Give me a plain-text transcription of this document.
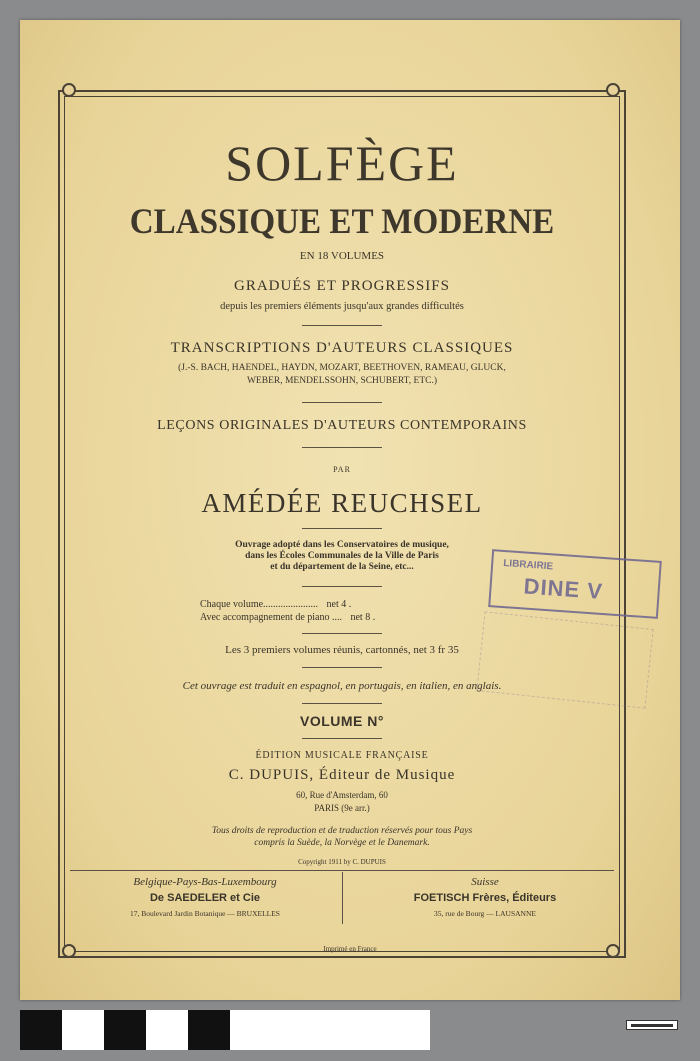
SOLFÈGE
CLASSIQUE ET MODERNE
EN 18 VOLUMES
GRADUÉS ET PROGRESSIFS
depuis les premiers éléments jusqu'aux grandes difficultés
TRANSCRIPTIONS D'AUTEURS CLASSIQUES
(J.-S. BACH, HAENDEL, HAYDN, MOZART, BEETHOVEN, RAMEAU, GLUCK,
WEBER, MENDELSSOHN, SCHUBERT, ETC.)
LEÇONS ORIGINALES D'AUTEURS CONTEMPORAINS
PAR
AMÉDÉE REUCHSEL
Ouvrage adopté dans les Conservatoires de musique,
dans les Écoles Communales de la Ville de Paris
et du département de la Seine, etc...
Chaque volume...................... net 4 .
Avec accompagnement de piano .... net 8 .
Les 3 premiers volumes réunis, cartonnés, net 3 fr 35
Cet ouvrage est traduit en espagnol, en portugais, en italien, en anglais.
VOLUME N°
ÉDITION MUSICALE FRANÇAISE
C. DUPUIS, Éditeur de Musique
60, Rue d'Amsterdam, 60
PARIS (9e arr.)
Tous droits de reproduction et de traduction réservés pour tous Pays
compris la Suède, la Norvège et le Danemark.
Copyright 1911 by C. DUPUIS
Belgique-Pays-Bas-Luxembourg
De SAEDELER et Cie
17, Boulevard Jardin Botanique — BRUXELLES
Suisse
FOETISCH Frères, Éditeurs
35, rue de Bourg — LAUSANNE
LIBRAIRIE
DINE V
Imprimé en France
